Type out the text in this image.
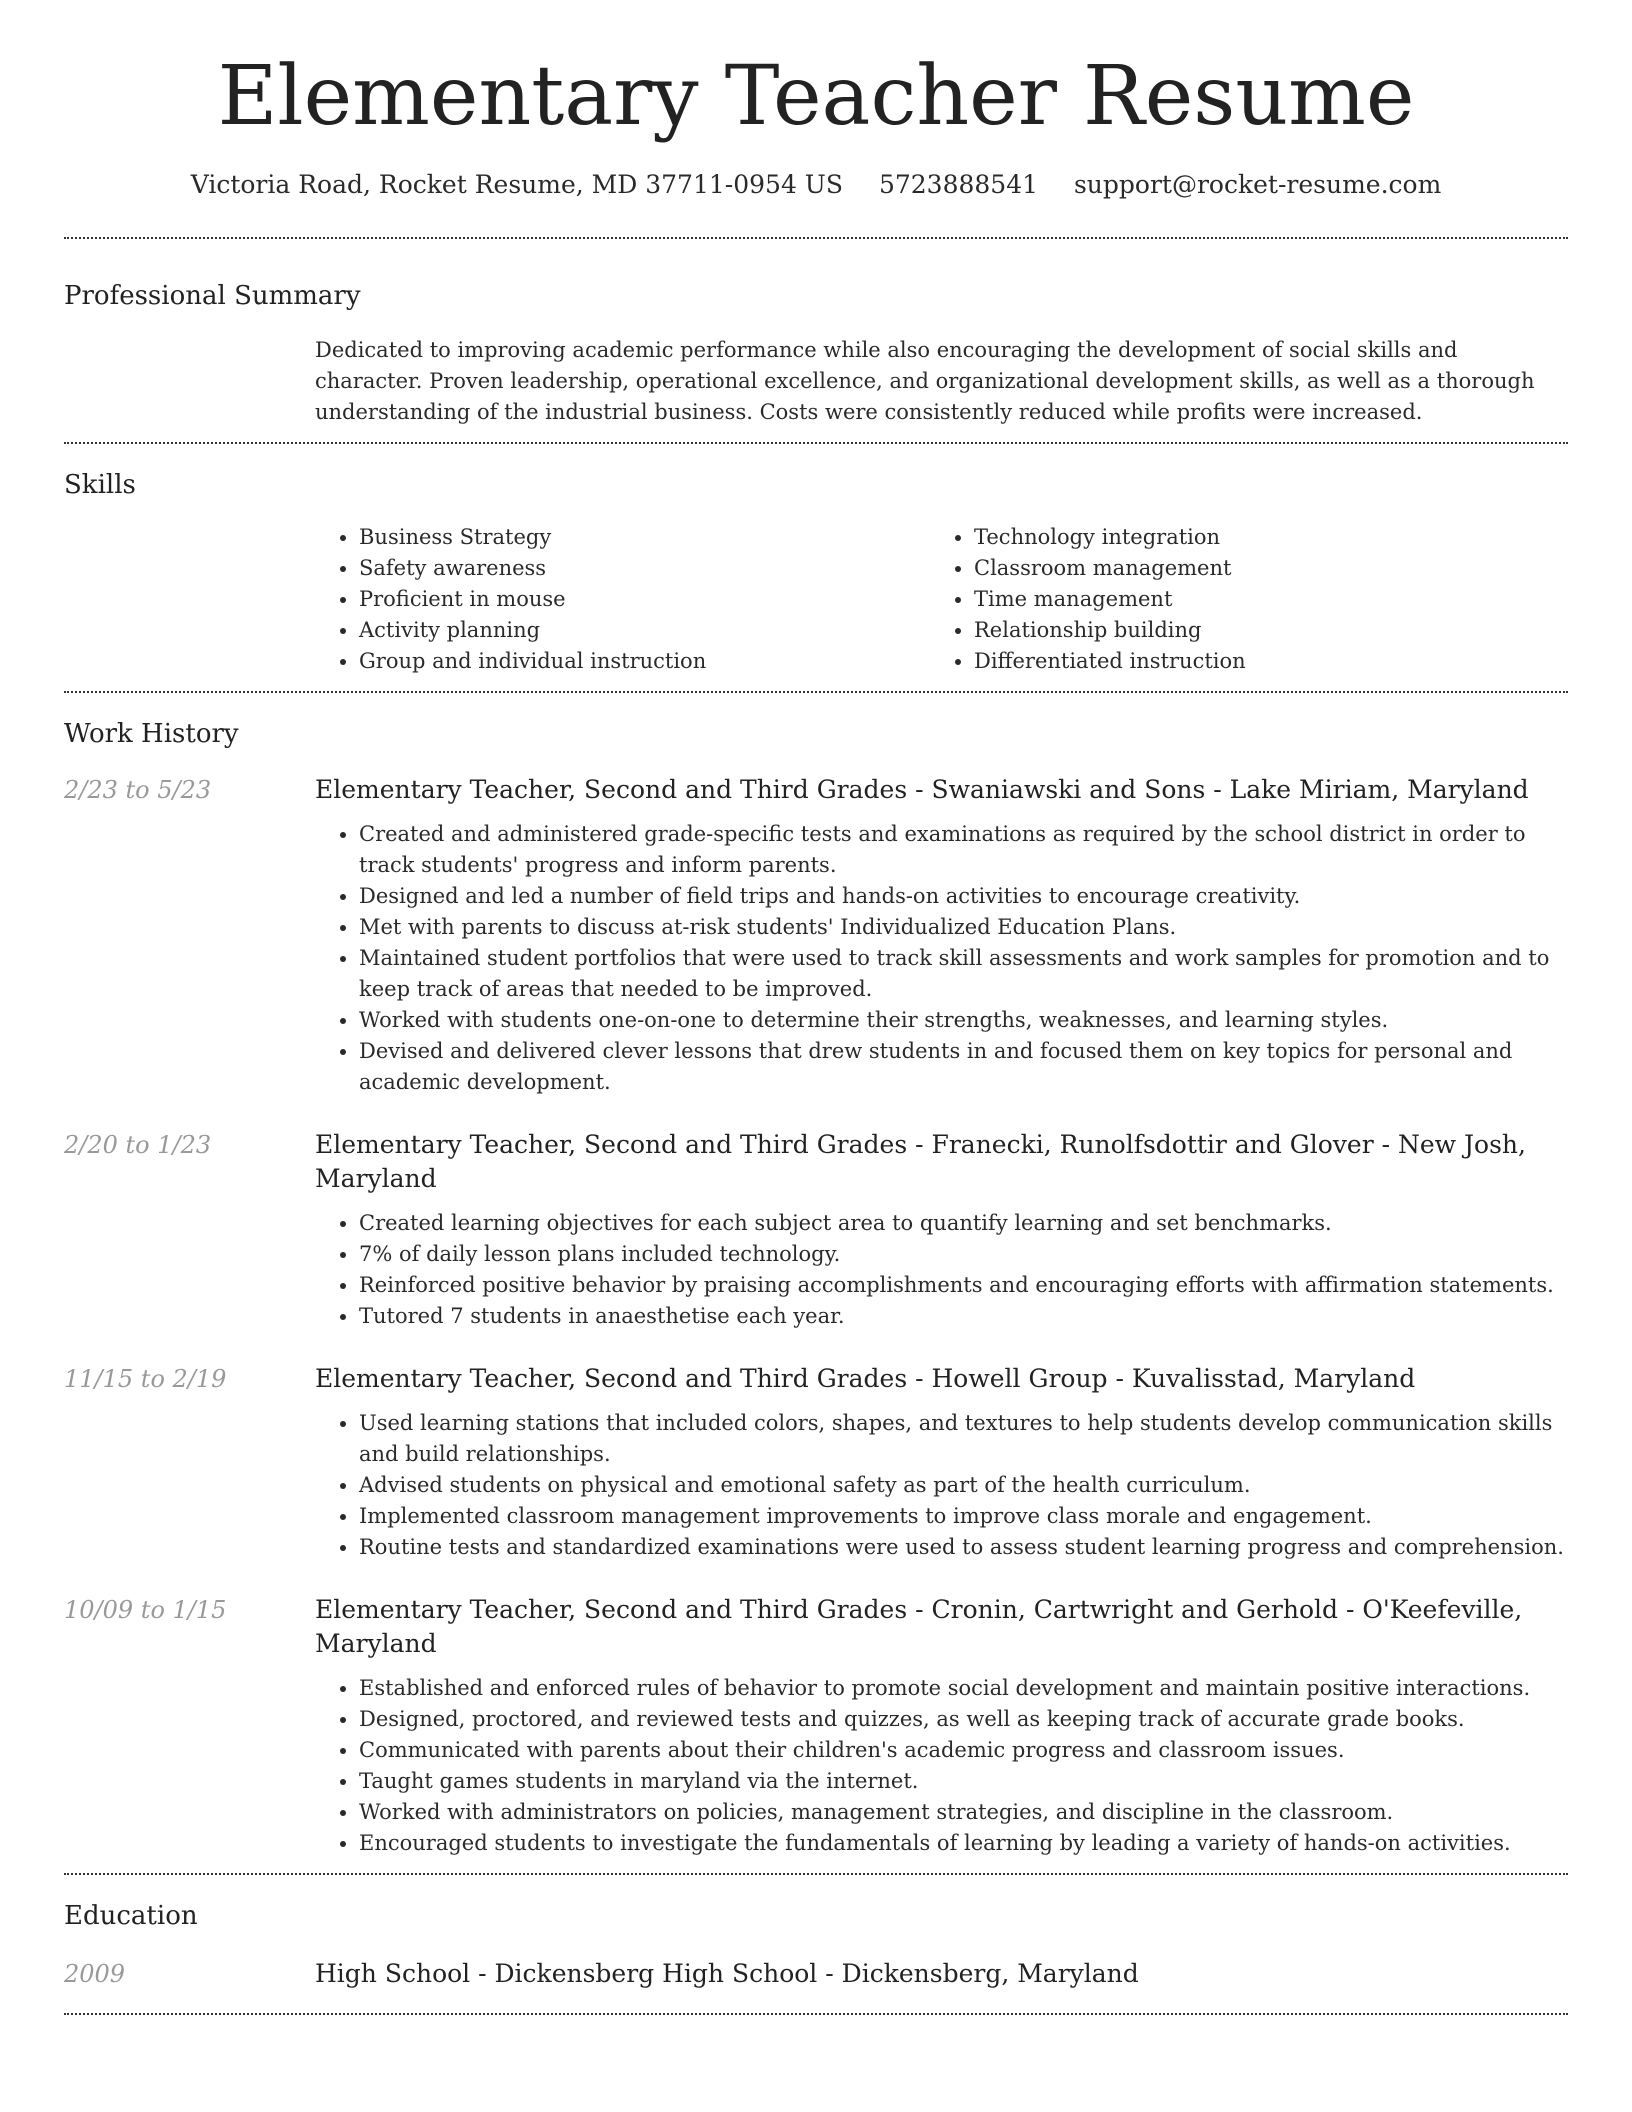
Elementary Teacher Resume
Victoria Road, Rocket Resume, MD 37711-0954 US 5723888541 support@rocket-resume.com
Professional Summary

Dedicated to improving academic performance while also encouraging the development of social skills and character. Proven leadership, operational excellence, and organizational development skills, as well as a thorough understanding of the industrial business. Costs were consistently reduced while profits were increased.

Skills
• Business Strategy
• Safety awareness
• Proficient in mouse
• Activity planning
• Group and individual instruction
• Technology integration
• Classroom management
• Time management
• Relationship building
• Differentiated instruction
Work History
2/23 to 5/23	Elementary Teacher, Second and Third Grades - Swaniawski and Sons - Lake Miriam, Maryland
• Created and administered grade-specific tests and examinations as required by the school district in order to track students' progress and inform parents.
• Designed and led a number of field trips and hands-on activities to encourage creativity.
• Met with parents to discuss at-risk students' Individualized Education Plans.
• Maintained student portfolios that were used to track skill assessments and work samples for promotion and to keep track of areas that needed to be improved.
• Worked with students one-on-one to determine their strengths, weaknesses, and learning styles.
• Devised and delivered clever lessons that drew students in and focused them on key topics for personal and academic development.
2/20 to 1/23	Elementary Teacher, Second and Third Grades - Franecki, Runolfsdottir and Glover - New Josh, Maryland
• Created learning objectives for each subject area to quantify learning and set benchmarks.
• 7% of daily lesson plans included technology.
• Reinforced positive behavior by praising accomplishments and encouraging efforts with affirmation statements.
• Tutored 7 students in anaesthetise each year.
11/15 to 2/19	Elementary Teacher, Second and Third Grades - Howell Group - Kuvalisstad, Maryland
• Used learning stations that included colors, shapes, and textures to help students develop communication skills and build relationships.
• Advised students on physical and emotional safety as part of the health curriculum.
• Implemented classroom management improvements to improve class morale and engagement.
• Routine tests and standardized examinations were used to assess student learning progress and comprehension.
10/09 to 1/15	Elementary Teacher, Second and Third Grades - Cronin, Cartwright and Gerhold - O'Keefeville, Maryland
• Established and enforced rules of behavior to promote social development and maintain positive interactions.
• Designed, proctored, and reviewed tests and quizzes, as well as keeping track of accurate grade books.
• Communicated with parents about their children's academic progress and classroom issues.
• Taught games students in maryland via the internet.
• Worked with administrators on policies, management strategies, and discipline in the classroom.
• Encouraged students to investigate the fundamentals of learning by leading a variety of hands-on activities.
Education
2009	High School - Dickensberg High School - Dickensberg, Maryland
